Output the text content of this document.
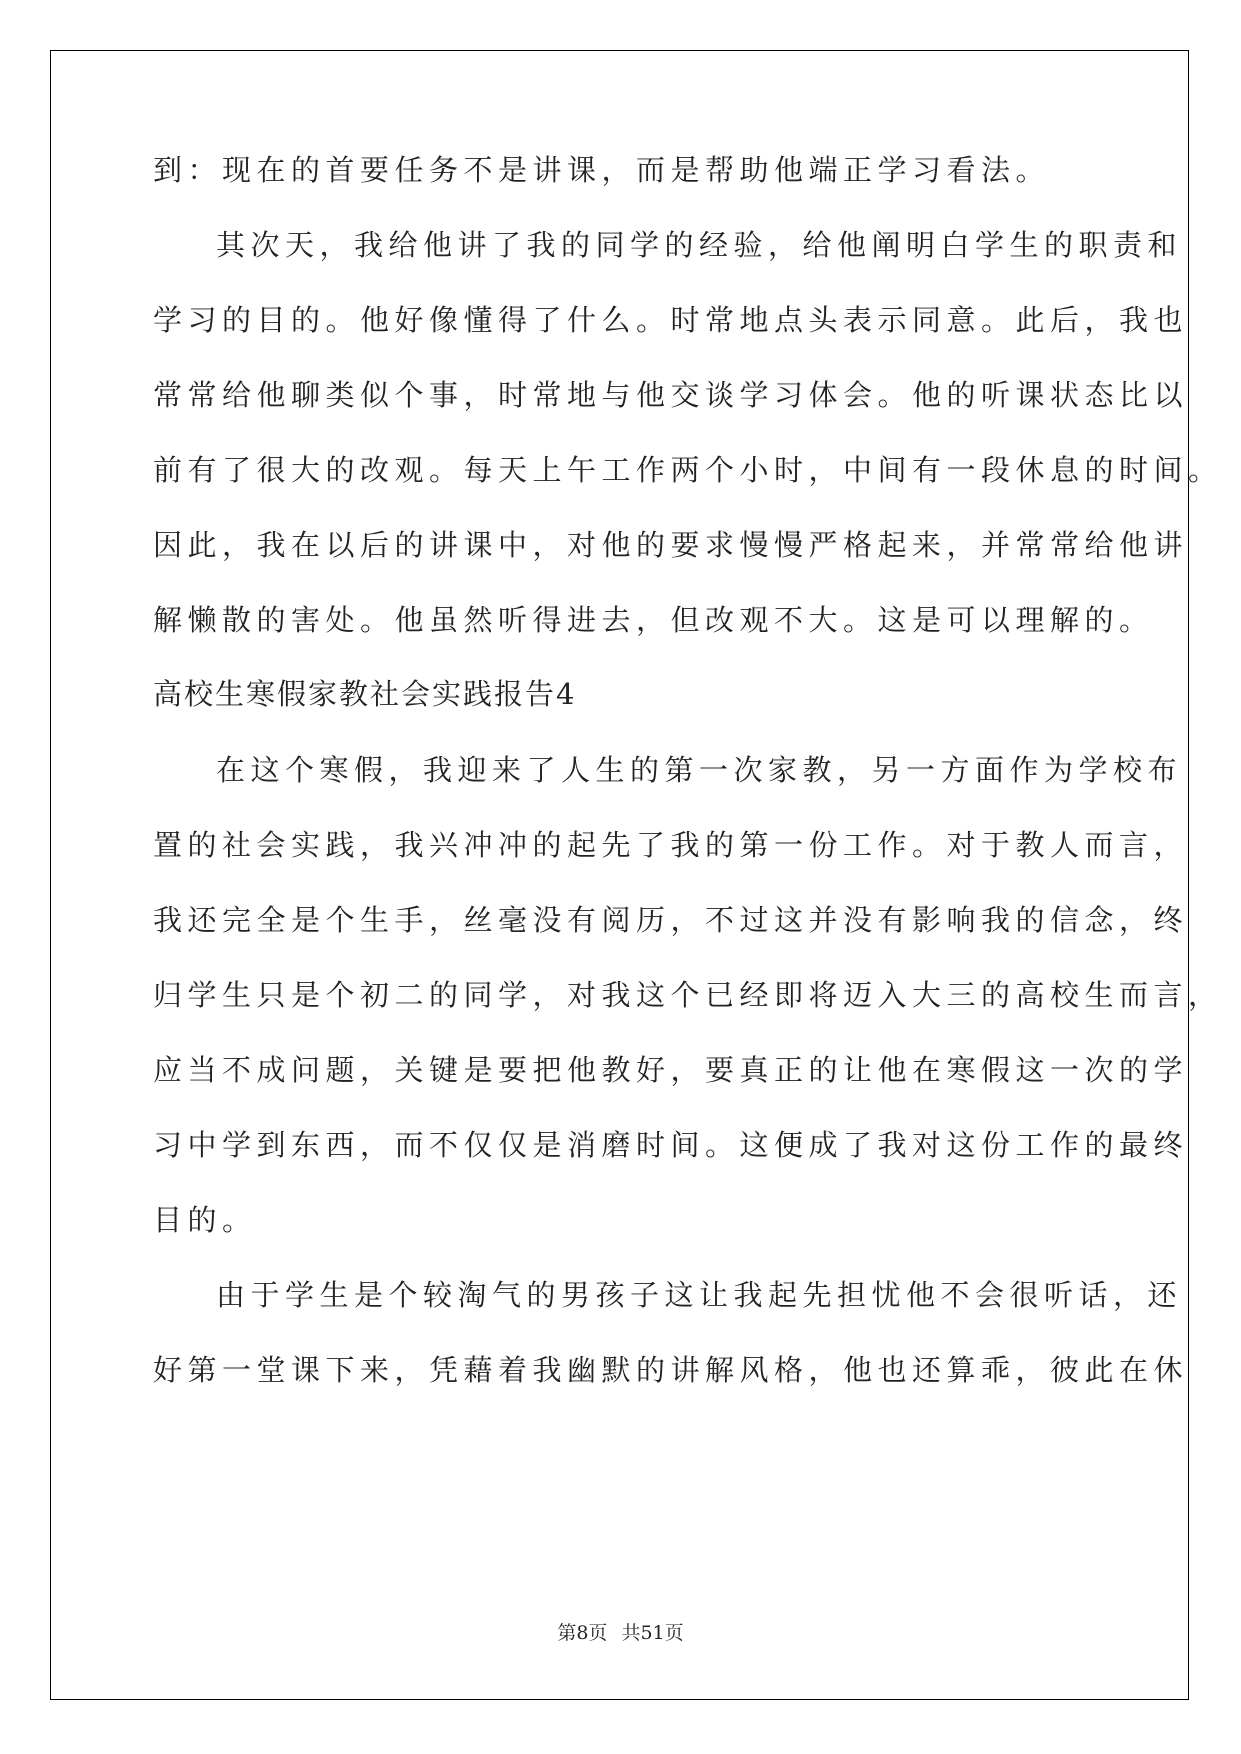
到：现在的首要任务不是讲课，而是帮助他端正学习看法。

其次天，我给他讲了我的同学的经验，给他阐明白学生的职责和

学习的目的。他好像懂得了什么。时常地点头表示同意。此后，我也

常常给他聊类似个事，时常地与他交谈学习体会。他的听课状态比以

前有了很大的改观。每天上午工作两个小时，中间有一段休息的时间。

因此，我在以后的讲课中，对他的要求慢慢严格起来，并常常给他讲

解懒散的害处。他虽然听得进去，但改观不大。这是可以理解的。

高校生寒假家教社会实践报告4

在这个寒假，我迎来了人生的第一次家教，另一方面作为学校布

置的社会实践，我兴冲冲的起先了我的第一份工作。对于教人而言，

我还完全是个生手，丝毫没有阅历，不过这并没有影响我的信念，终

归学生只是个初二的同学，对我这个已经即将迈入大三的高校生而言，

应当不成问题，关键是要把他教好，要真正的让他在寒假这一次的学

习中学到东西，而不仅仅是消磨时间。这便成了我对这份工作的最终

目的。

由于学生是个较淘气的男孩子这让我起先担忧他不会很听话，还

好第一堂课下来，凭藉着我幽默的讲解风格，他也还算乖，彼此在休

第8页 共51页
